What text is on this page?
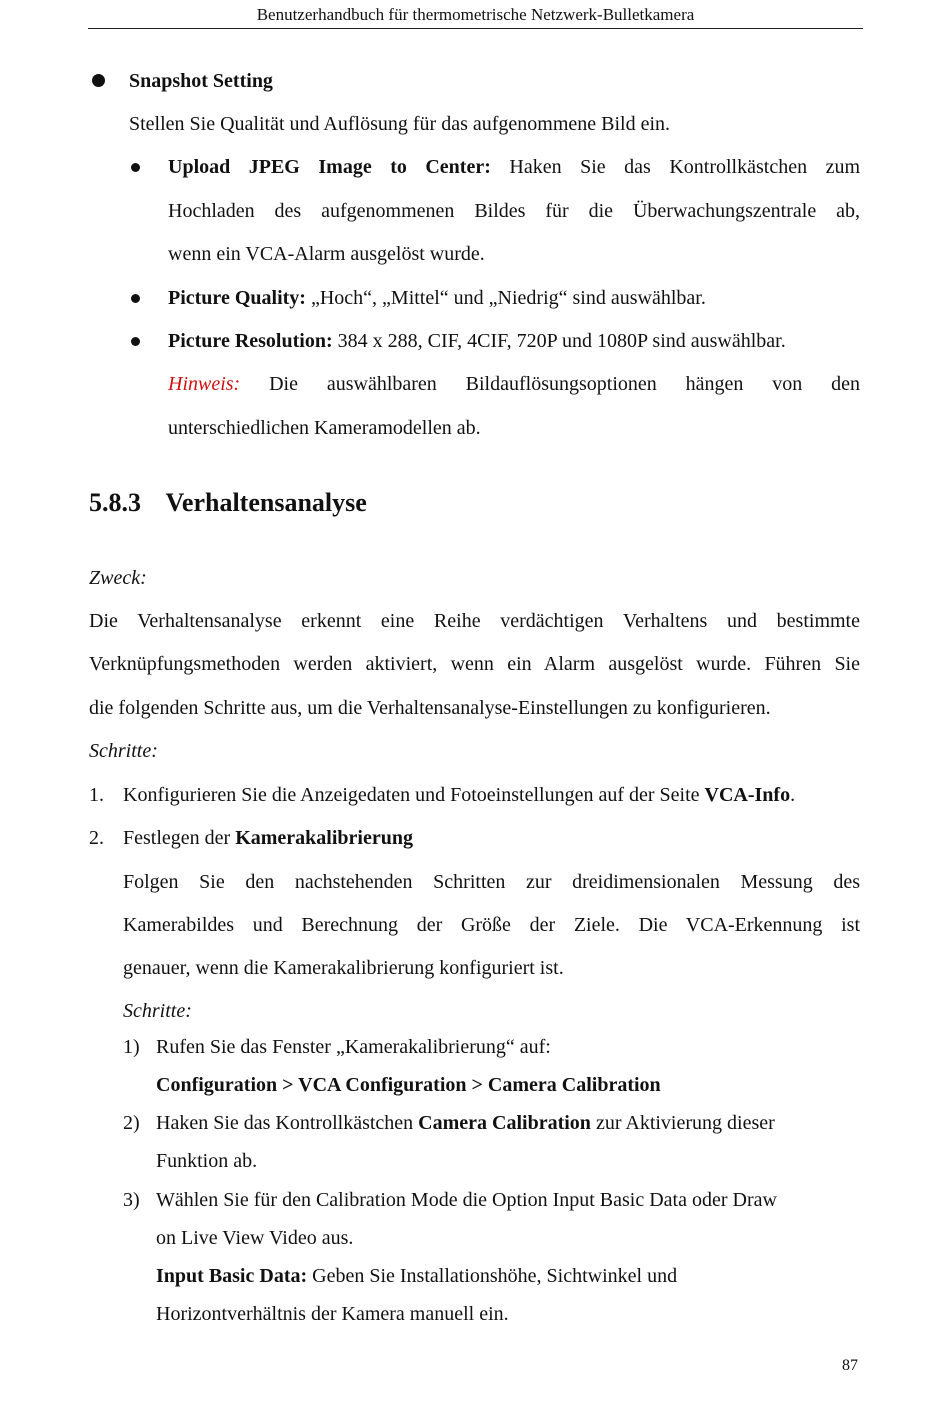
Benutzerhandbuch für thermometrische Netzwerk-Bulletkamera
Snapshot Setting
Stellen Sie Qualität und Auflösung für das aufgenommene Bild ein.
Upload JPEG Image to Center: Haken Sie das Kontrollkästchen zum
Hochladen des aufgenommenen Bildes für die Überwachungszentrale ab,
wenn ein VCA-Alarm ausgelöst wurde.
Picture Quality: „Hoch“, „Mittel“ und „Niedrig“ sind auswählbar.
Picture Resolution: 384 x 288, CIF, 4CIF, 720P und 1080P sind auswählbar.
Hinweis: Die auswählbaren Bildauflösungsoptionen hängen von den
unterschiedlichen Kameramodellen ab.
5.8.3 Verhaltensanalyse
Zweck:
Die Verhaltensanalyse erkennt eine Reihe verdächtigen Verhaltens und bestimmte
Verknüpfungsmethoden werden aktiviert, wenn ein Alarm ausgelöst wurde. Führen Sie
die folgenden Schritte aus, um die Verhaltensanalyse-Einstellungen zu konfigurieren.
Schritte:
1. Konfigurieren Sie die Anzeigedaten und Fotoeinstellungen auf der Seite VCA-Info.
2. Festlegen der Kamerakalibrierung
Folgen Sie den nachstehenden Schritten zur dreidimensionalen Messung des
Kamerabildes und Berechnung der Größe der Ziele. Die VCA-Erkennung ist
genauer, wenn die Kamerakalibrierung konfiguriert ist.
Schritte:
1) Rufen Sie das Fenster „Kamerakalibrierung“ auf:
Configuration > VCA Configuration > Camera Calibration
2) Haken Sie das Kontrollkästchen Camera Calibration zur Aktivierung dieser
Funktion ab.
3) Wählen Sie für den Calibration Mode die Option Input Basic Data oder Draw
on Live View Video aus.
Input Basic Data: Geben Sie Installationshöhe, Sichtwinkel und
Horizontverhältnis der Kamera manuell ein.
87
